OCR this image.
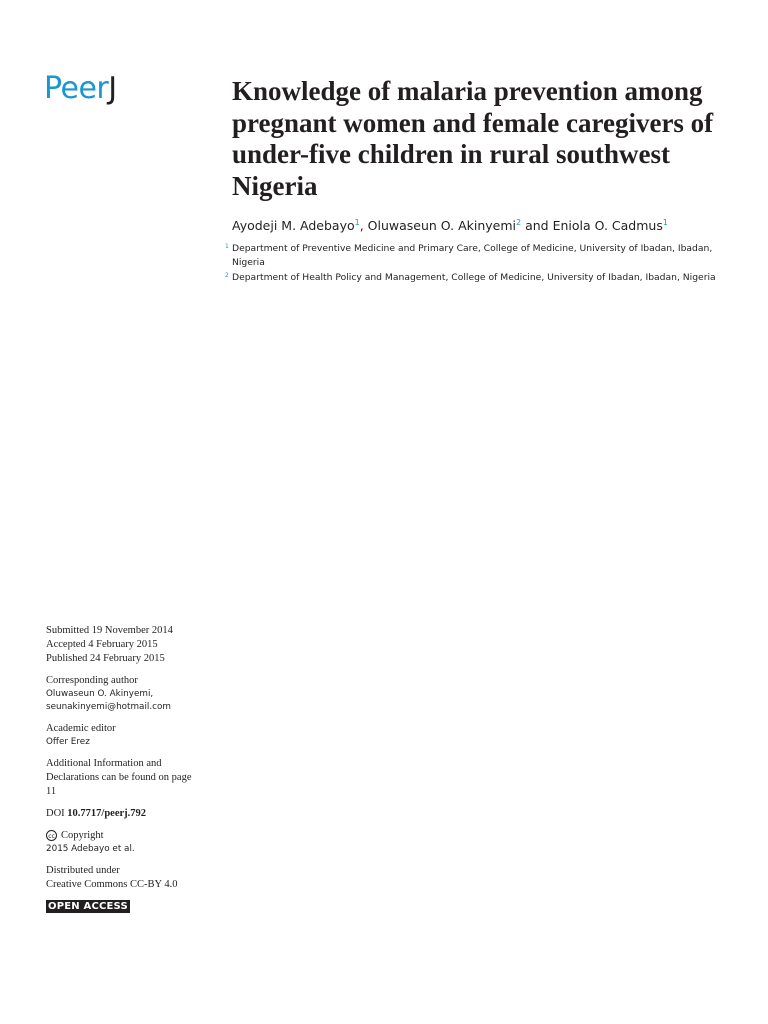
PeerJ	Knowledge of malaria prevention among pregnant women and female caregivers of under-five children in rural southwest Nigeria
Ayodeji M. Adebayo$^1$, Oluwaseun O. Akinyemi$^2$ and Eniola O. Cadmus$^1$
1 Department of Preventive Medicine and Primary Care, College of Medicine, University of Ibadan, Ibadan, Nigeria
2 Department of Health Policy and Management, College of Medicine, University of Ibadan, Ibadan, Nigeria
Submitted 19 November 2014
Accepted 4 February 2015
Published 24 February 2015
Corresponding author
Oluwaseun O. Akinyemi,
seunakinyemi@hotmail.com
Academic editor
Offer Erez
Additional Information and Declarations can be found on page 11
DOI 10.7717/peerj.792
cc Copyright
2015 Adebayo et al.
Distributed under
Creative Commons CC-BY 4.0
OPEN ACCESS
